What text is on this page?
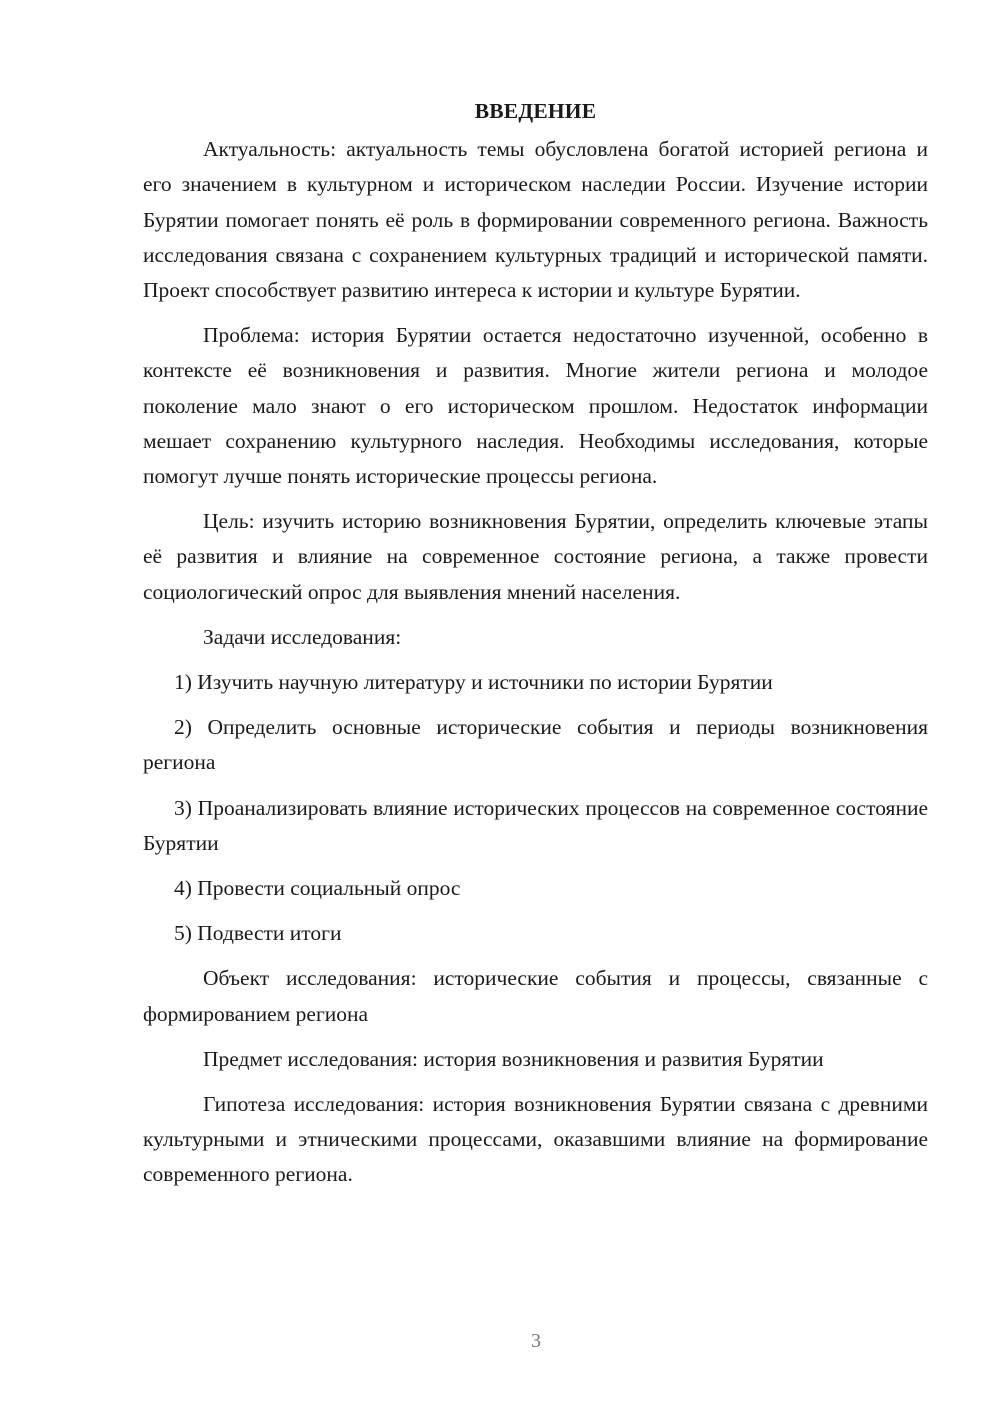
ВВЕДЕНИЕ

Актуальность: актуальность темы обусловлена богатой историей региона и его значением в культурном и историческом наследии России. Изучение истории Бурятии помогает понять её роль в формировании современного региона. Важность исследования связана с сохранением культурных традиций и исторической памяти. Проект способствует развитию интереса к истории и культуре Бурятии.

Проблема: история Бурятии остается недостаточно изученной, особенно в контексте её возникновения и развития. Многие жители региона и молодое поколение мало знают о его историческом прошлом. Недостаток информации мешает сохранению культурного наследия. Необходимы исследования, которые помогут лучше понять исторические процессы региона.

Цель: изучить историю возникновения Бурятии, определить ключевые этапы её развития и влияние на современное состояние региона, а также провести социологический опрос для выявления мнений населения.

Задачи исследования:

1) Изучить научную литературу и источники по истории Бурятии

2) Определить основные исторические события и периоды возникновения региона

3) Проанализировать влияние исторических процессов на современное состояние Бурятии

4) Провести социальный опрос

5) Подвести итоги

Объект исследования: исторические события и процессы, связанные с формированием региона

Предмет исследования: история возникновения и развития Бурятии

Гипотеза исследования: история возникновения Бурятии связана с древними культурными и этническими процессами, оказавшими влияние на формирование современного региона.

3
